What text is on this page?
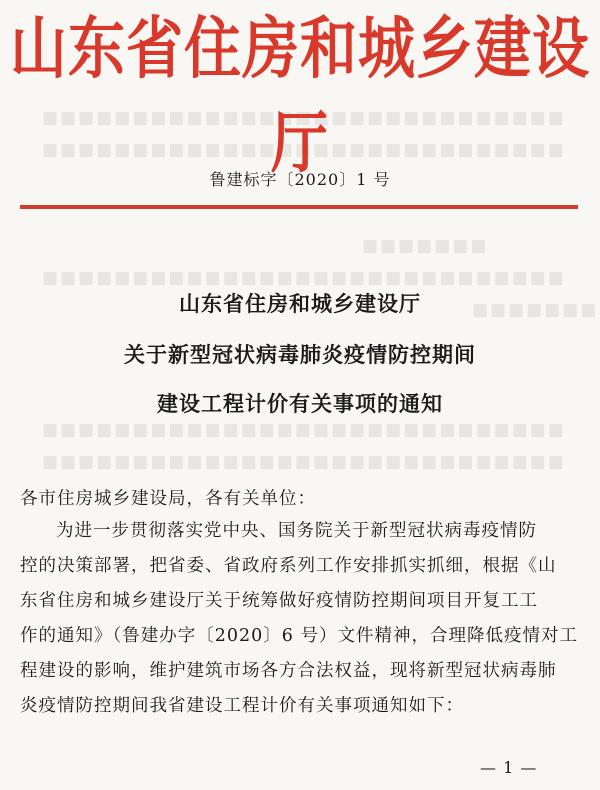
■■■■■■■■■■■■■■■■■■■■■■■■■■■■■
■■■■■■■■■■■■■■■■■■■■■■■■■■■■■
■■■■■■■
■■■■■■■■■■■■■■■■■■■■■■■■■■■■■
■■■■■■■
■■■■■■■■■■■■■■■■■■■■■■■■■■■■■
■■■■■■■■■■■■■■■■■■■■■■■■■■■■■
山东省住房和城乡建设厅
鲁建标字〔2020〕1 号
山东省住房和城乡建设厅
关于新型冠状病毒肺炎疫情防控期间
建设工程计价有关事项的通知
各市住房城乡建设局，各有关单位：
为进一步贯彻落实党中央、国务院关于新型冠状病毒疫情防
控的决策部署，把省委、省政府系列工作安排抓实抓细，根据《山
东省住房和城乡建设厅关于统筹做好疫情防控期间项目开复工工
作的通知》（鲁建办字〔2020〕6 号）文件精神，合理降低疫情对工
程建设的影响，维护建筑市场各方合法权益，现将新型冠状病毒肺
炎疫情防控期间我省建设工程计价有关事项通知如下：
— 1 —
